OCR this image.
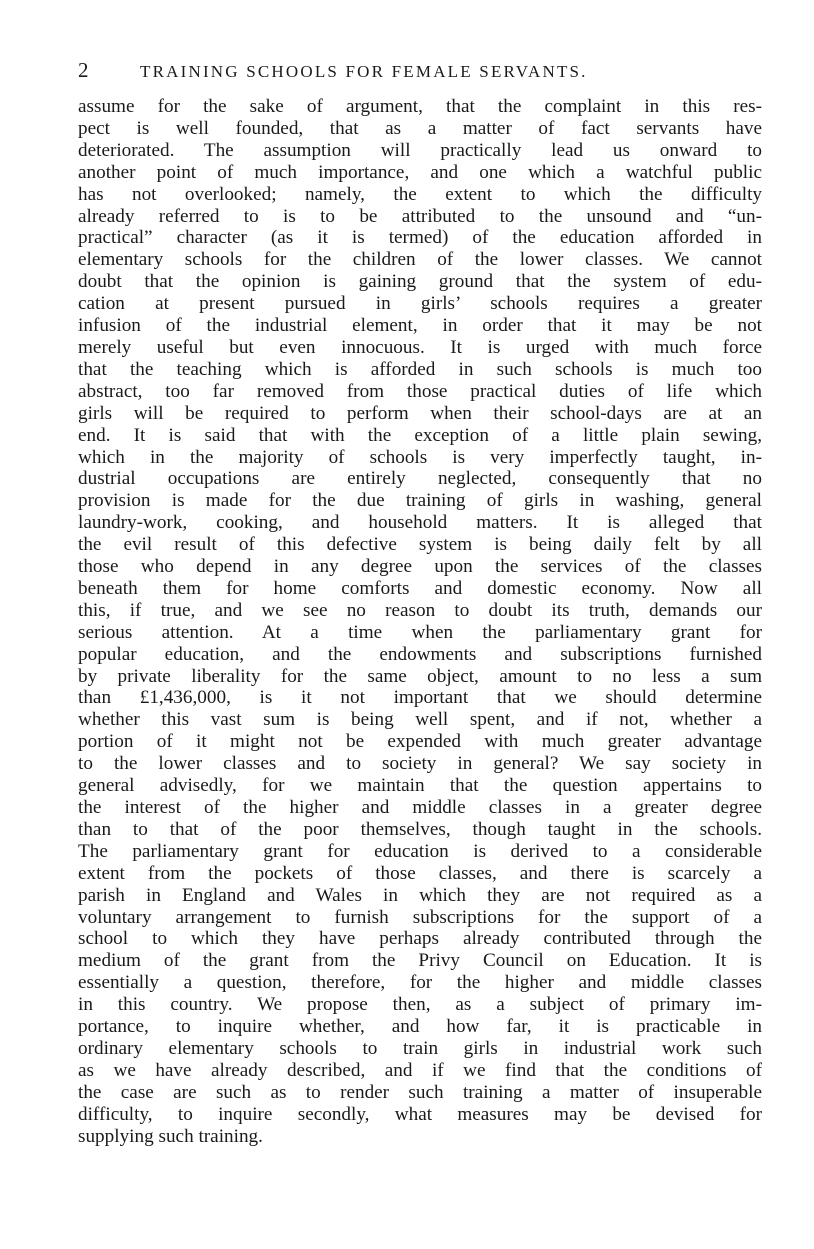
2	TRAINING SCHOOLS FOR FEMALE SERVANTS.
assume for the sake of argument, that the complaint in this res-
pect is well founded, that as a matter of fact servants have
deteriorated. The assumption will practically lead us onward to
another point of much importance, and one which a watchful public
has not overlooked; namely, the extent to which the difficulty
already referred to is to be attributed to the unsound and “un-
practical” character (as it is termed) of the education afforded in
elementary schools for the children of the lower classes. We cannot
doubt that the opinion is gaining ground that the system of edu-
cation at present pursued in girls’ schools requires a greater
infusion of the industrial element, in order that it may be not
merely useful but even innocuous. It is urged with much force
that the teaching which is afforded in such schools is much too
abstract, too far removed from those practical duties of life which
girls will be required to perform when their school-days are at an
end. It is said that with the exception of a little plain sewing,
which in the majority of schools is very imperfectly taught, in-
dustrial occupations are entirely neglected, consequently that no
provision is made for the due training of girls in washing, general
laundry-work, cooking, and household matters. It is alleged that
the evil result of this defective system is being daily felt by all
those who depend in any degree upon the services of the classes
beneath them for home comforts and domestic economy. Now all
this, if true, and we see no reason to doubt its truth, demands our
serious attention. At a time when the parliamentary grant for
popular education, and the endowments and subscriptions furnished
by private liberality for the same object, amount to no less a sum
than £1,436,000, is it not important that we should determine
whether this vast sum is being well spent, and if not, whether a
portion of it might not be expended with much greater advantage
to the lower classes and to society in general? We say society in
general advisedly, for we maintain that the question appertains to
the interest of the higher and middle classes in a greater degree
than to that of the poor themselves, though taught in the schools.
The parliamentary grant for education is derived to a considerable
extent from the pockets of those classes, and there is scarcely a
parish in England and Wales in which they are not required as a
voluntary arrangement to furnish subscriptions for the support of a
school to which they have perhaps already contributed through the
medium of the grant from the Privy Council on Education. It is
essentially a question, therefore, for the higher and middle classes
in this country. We propose then, as a subject of primary im-
portance, to inquire whether, and how far, it is practicable in
ordinary elementary schools to train girls in industrial work such
as we have already described, and if we find that the conditions of
the case are such as to render such training a matter of insuperable
difficulty, to inquire secondly, what measures may be devised for
supplying such training.
